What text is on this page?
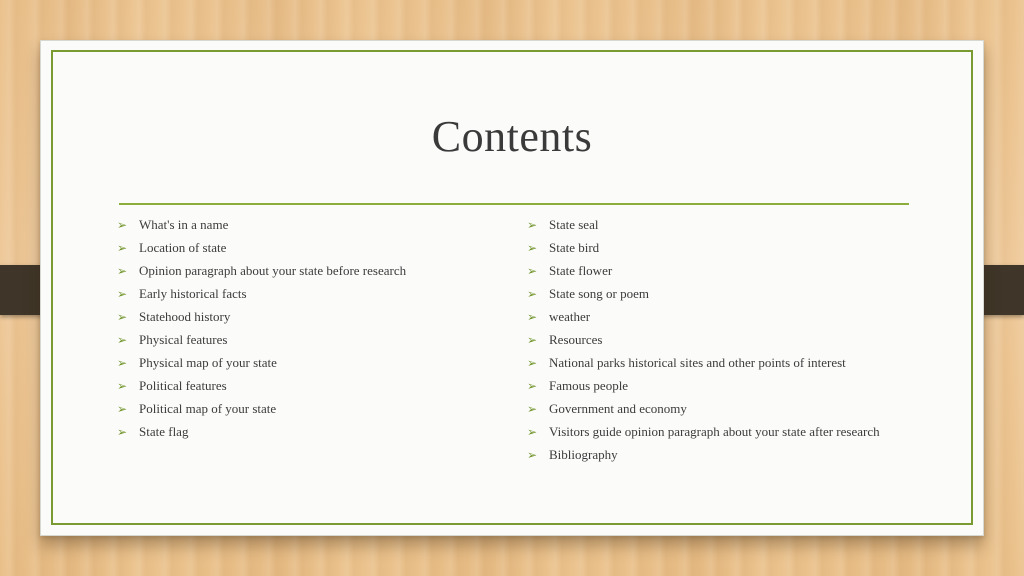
Contents
➢ What's in a name
➢ Location of state
➢ Opinion paragraph about your state before research
➢ Early historical facts
➢ Statehood history
➢ Physical features
➢ Physical map of your state
➢ Political features
➢ Political map of your state
➢ State flag
➢ State seal
➢ State bird
➢ State flower
➢ State song or poem
➢ weather
➢ Resources
➢ National parks historical sites and other points of interest
➢ Famous people
➢ Government and economy
➢ Visitors guide opinion paragraph about your state after research
➢ Bibliography
